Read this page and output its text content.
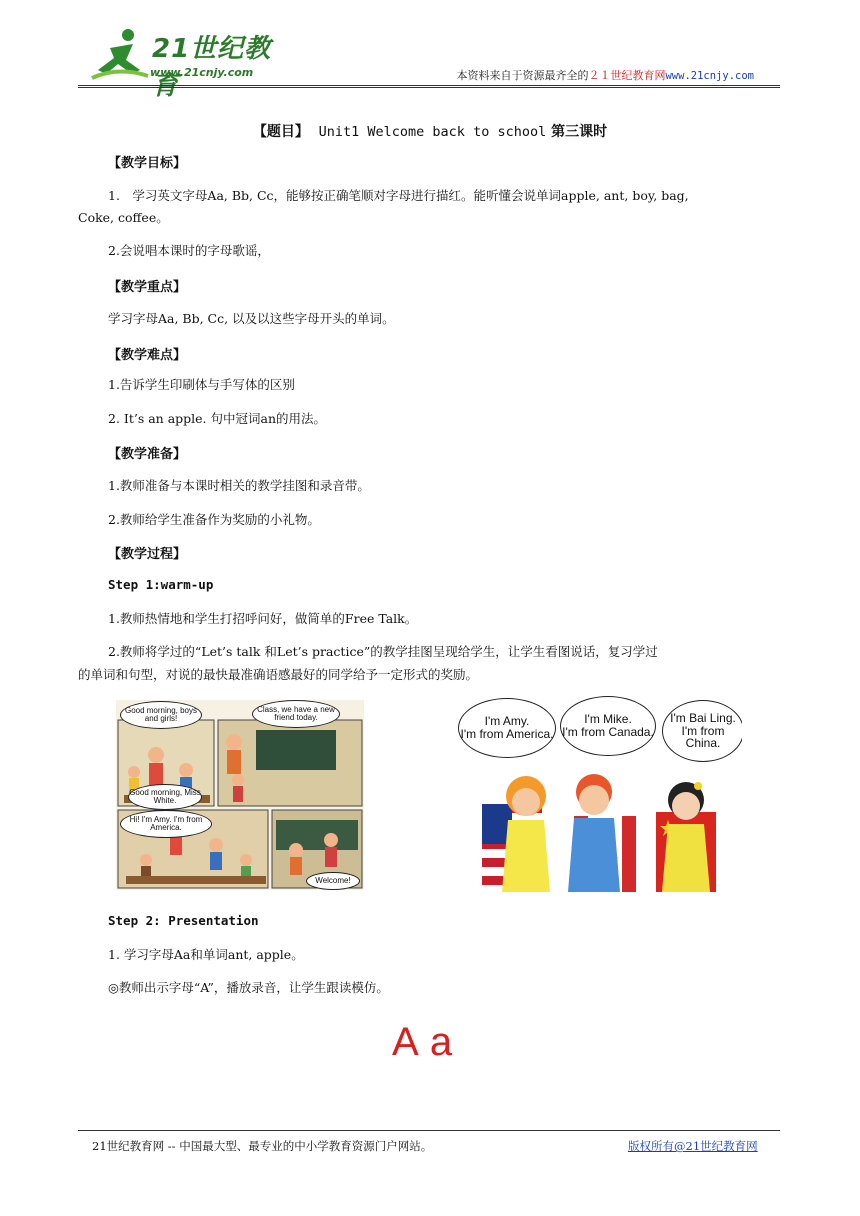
21世纪教育
www.21cnjy.com	本资料来自于资源最齐全的２１世纪教育网www.21cnjy.com
【题目】 Unit1 Welcome back to school 第三课时
【教学目标】
1.　学习英文字母Aa, Bb, Cc，能够按正确笔顺对字母进行描红。能听懂会说单词apple, ant, boy, bag,
Coke, coffee。
2.会说唱本课时的字母歌谣，
【教学重点】
学习字母Aa, Bb, Cc, 以及以这些字母开头的单词。
【教学难点】
1.告诉学生印刷体与手写体的区别
2. It’s an apple. 句中冠词an的用法。
【教学准备】
1.教师准备与本课时相关的教学挂图和录音带。
2.教师给学生准备作为奖励的小礼物。
【教学过程】
Step 1:warm-up
1.教师热情地和学生打招呼问好，做简单的Free Talk。
2.教师将学过的“Let’s talk 和Let’s practice”的教学挂图呈现给学生，让学生看图说话，复习学过
的单词和句型，对说的最快最准确语感最好的同学给予一定形式的奖励。
Good morning, boys and girls!
Class, we have a new friend today.
Good morning, Miss White.
Hi! I'm Amy. I'm from America.
Welcome!
I'm Amy.
I'm from America.
I'm Mike.
I'm from Canada.
I'm Bai Ling.
I'm from China.
Step 2: Presentation
1. 学习字母Aa和单词ant, apple。
◎教师出示字母“A”，播放录音，让学生跟读模仿。
A a
21世纪教育网 -- 中国最大型、最专业的中小学教育资源门户网站。	版权所有@21世纪教育网
